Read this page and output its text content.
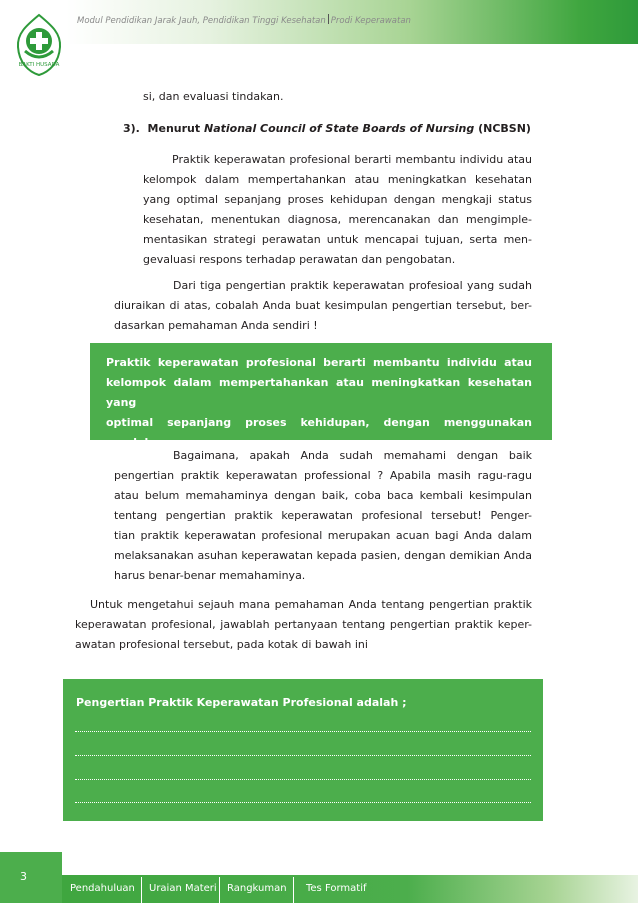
BAKTI HUSADA
Modul Pendidikan Jarak Jauh, Pendidikan Tinggi Kesehatan Prodi Keperawatan
si, dan evaluasi tindakan.
3). Menurut National Council of State Boards of Nursing (NCBSN)
Praktik keperawatan profesional berarti membantu individu atau
kelompok dalam mempertahankan atau meningkatkan kesehatan
yang optimal sepanjang proses kehidupan dengan mengkaji status
kesehatan, menentukan diagnosa, merencanakan dan mengimple-
mentasikan strategi perawatan untuk mencapai tujuan, serta men-
gevaluasi respons terhadap perawatan dan pengobatan.
Dari tiga pengertian praktik keperawatan profesioal yang sudah
diuraikan di atas, cobalah Anda buat kesimpulan pengertian tersebut, ber-
dasarkan pemahaman Anda sendiri !

Praktik keperawatan profesional berarti membantu individu atau
kelompok dalam mempertahankan atau meningkatkan kesehatan yang
optimal sepanjang proses kehidupan, dengan menggunakan pendeka-
tan proses keperawatan

Bagaimana, apakah Anda sudah memahami dengan baik
pengertian praktik keperawatan professional ? Apabila masih ragu-ragu
atau belum memahaminya dengan baik, coba baca kembali kesimpulan
tentang pengertian praktik keperawatan profesional tersebut! Penger-
tian praktik keperawatan profesional merupakan acuan bagi Anda dalam
melaksanakan asuhan keperawatan kepada pasien, dengan demikian Anda
harus benar-benar memahaminya.
Untuk mengetahui sejauh mana pemahaman Anda tentang pengertian praktik
keperawatan profesional, jawablah pertanyaan tentang pengertian praktik keper-
awatan profesional tersebut, pada kotak di bawah ini
Pengertian Praktik Keperawatan Profesional adalah ;
3
Pendahuluan Uraian Materi Rangkuman Tes Formatif
